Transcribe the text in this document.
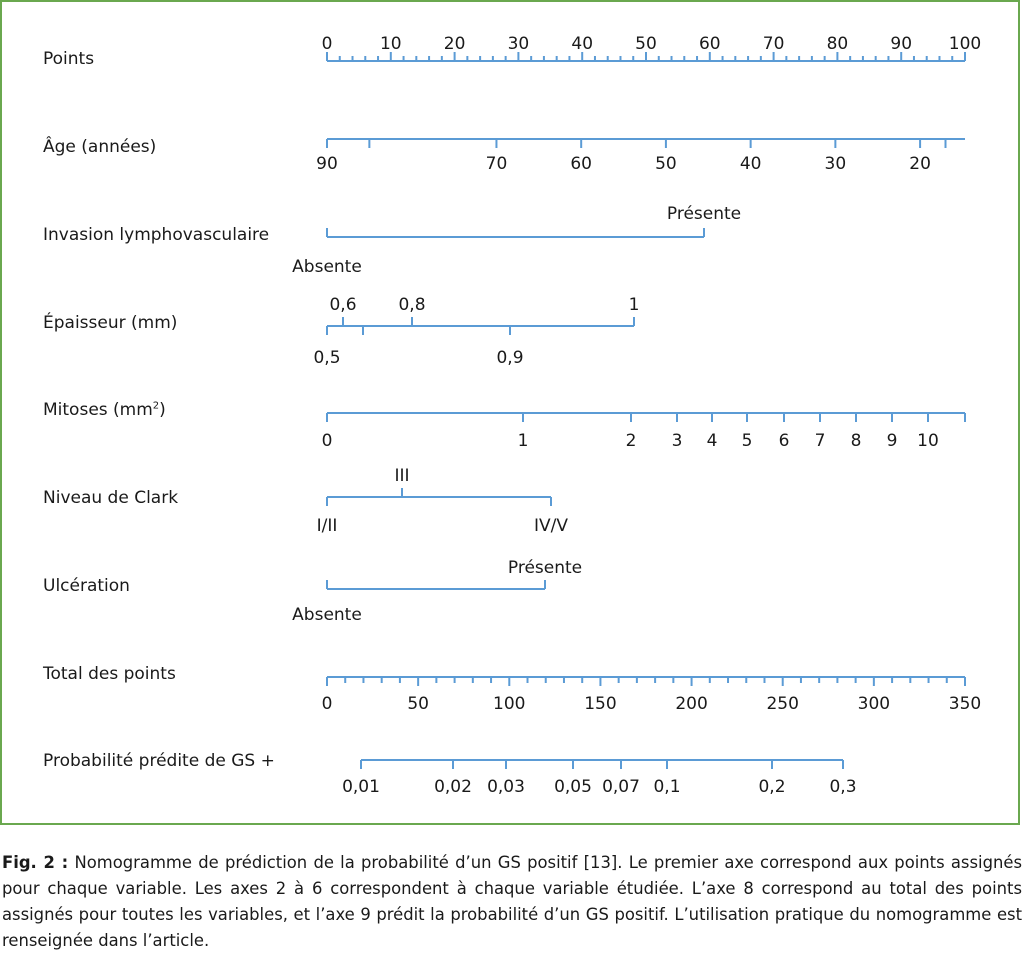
Points
Âge (années)
Invasion lymphovasculaire
Épaisseur (mm)
Mitoses $(mm^2)$
Niveau de Clark
Ulcération
Total des points
Probabilité prédite de GS +
0	10 20 30 40 50 60 70 80 90 100
90	70	60	50	40	30	20
Absente
Présente
0,5
0,6 0,8
0,9
1
0	1	2 3 4 5 6 7 8 9 10
I/II
III
IV/V
Absente
Présente
0	50	100	150	200	250	300	350
0,01	0,02 0,03 0,05 0,07 0,1	0,2	0,3
Fig. 2 : Nomogramme de prédiction de la probabilité d’un GS positif [13]. Le premier axe correspond aux points assignés pour chaque variable. Les axes 2 à 6 correspondent à chaque variable étudiée. L’axe 8 correspond au total des points assignés pour toutes les variables, et l’axe 9 prédit la probabilité d’un GS positif. L’utilisation pratique du nomogramme est renseignée dans l’article.
